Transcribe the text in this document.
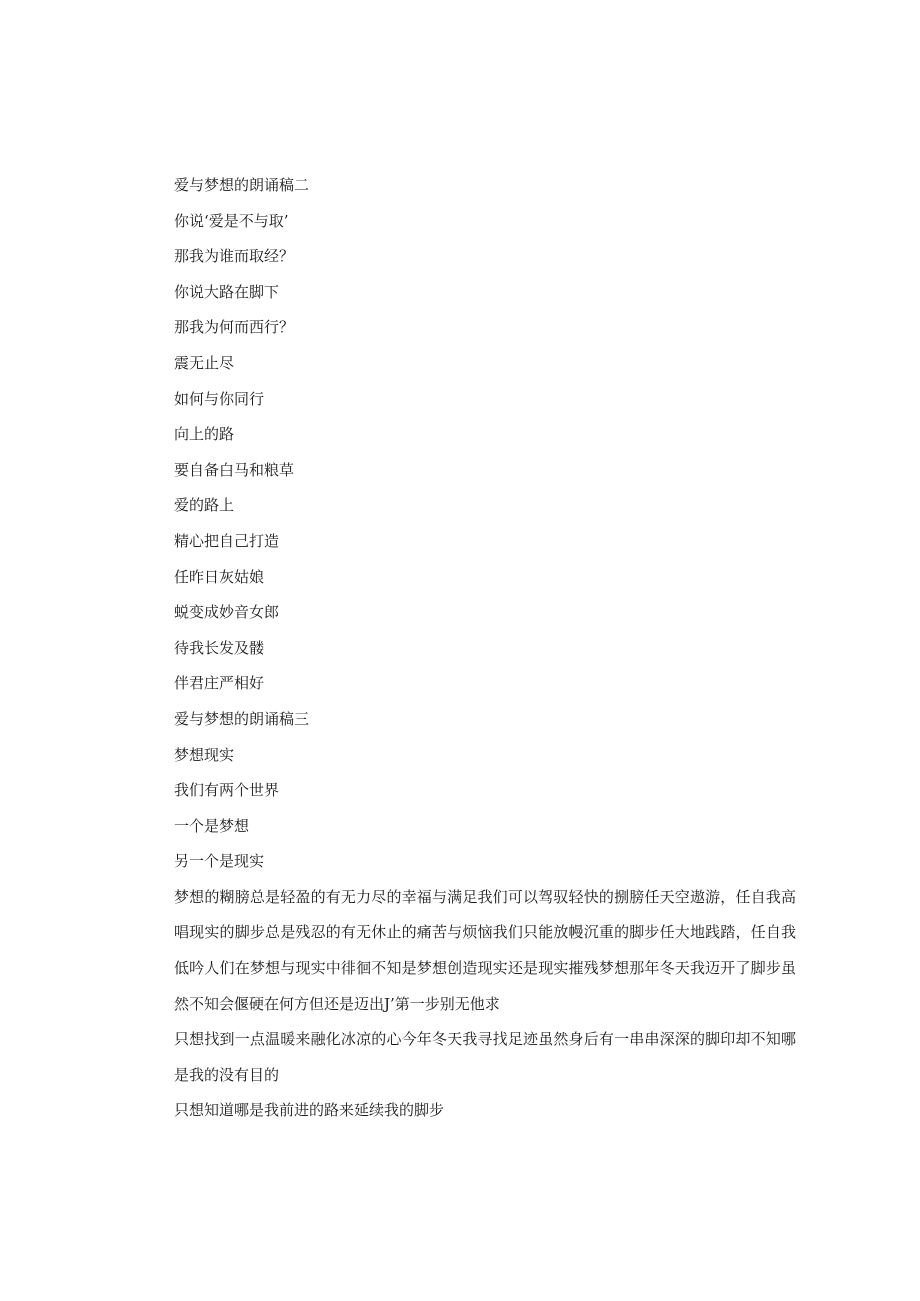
爱与梦想的朗诵稿二

你说‘爱是不与取’

那我为谁而取经？

你说大路在脚下

那我为何而西行？

震无止尽

如何与你同行

向上的路

要自备白马和粮草

爱的路上

精心把自己打造

任昨日灰姑娘

蜕变成妙音女郎

待我长发及髅

伴君庄严相好

爱与梦想的朗诵稿三

梦想现实

我们有两个世界

一个是梦想

另一个是现实

梦想的糊膀总是轻盈的有无力尽的幸福与满足我们可以驾驭轻快的捌膀任天空遨游，任自我高唱现实的脚步总是残忍的有无休止的痛苦与烦恼我们只能放幔沉重的脚步任大地践踏，任自我低吟人们在梦想与现实中徘徊不知是梦想创造现实还是现实摧残梦想那年冬天我迈开了脚步虽然不知会偃硬在何方但还是迈出J’第一步别无他求

只想找到一点温暖来融化冰凉的心今年冬天我寻找足迹虽然身后有一串串深深的脚印却不知哪是我的没有目的

只想知道哪是我前进的路来延续我的脚步
